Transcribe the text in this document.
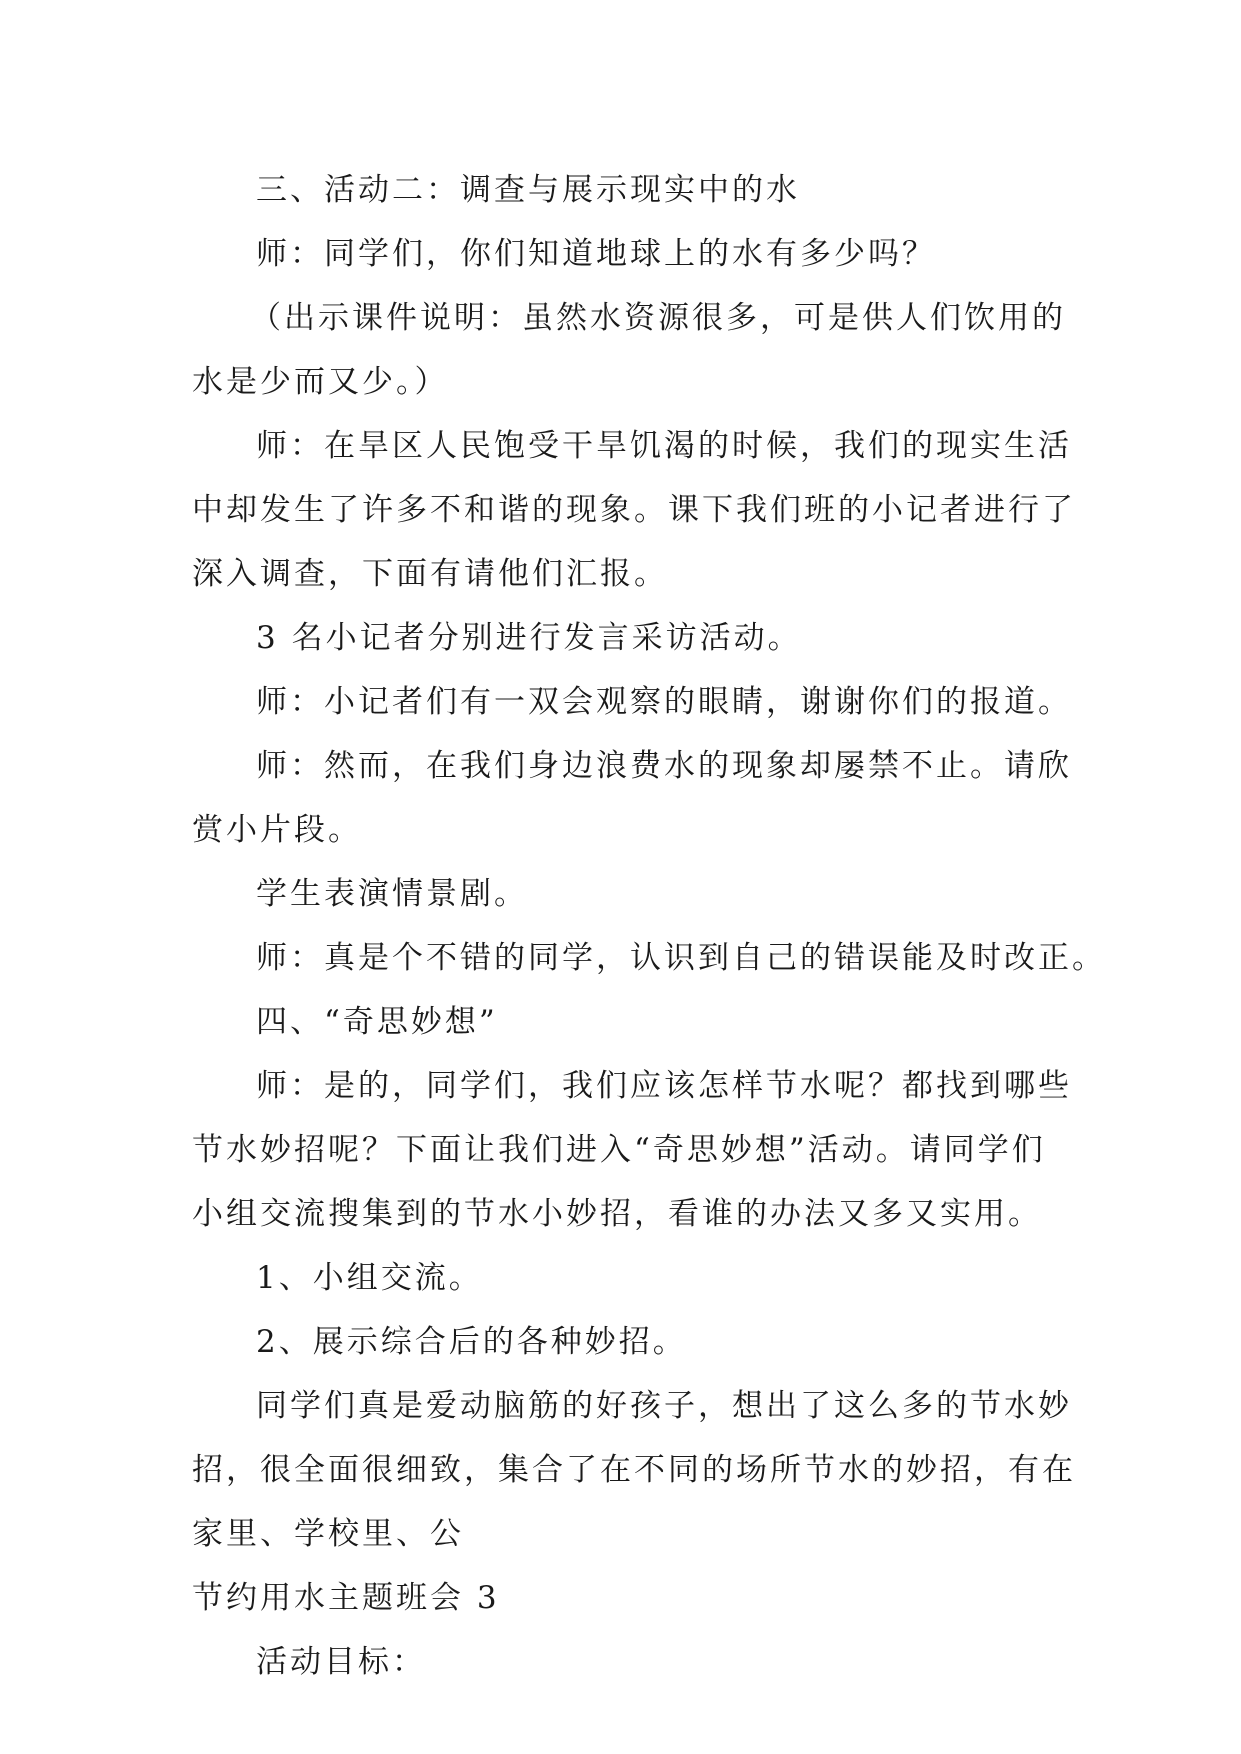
三、活动二：调查与展示现实中的水
师：同学们，你们知道地球上的水有多少吗？
（出示课件说明：虽然水资源很多，可是供人们饮用的
水是少而又少。）
师：在旱区人民饱受干旱饥渴的时候，我们的现实生活
中却发生了许多不和谐的现象。课下我们班的小记者进行了
深入调查，下面有请他们汇报。
3 名小记者分别进行发言采访活动。
师：小记者们有一双会观察的眼睛，谢谢你们的报道。
师：然而，在我们身边浪费水的现象却屡禁不止。请欣
赏小片段。
学生表演情景剧。
师：真是个不错的同学，认识到自己的错误能及时改正。
四、“奇思妙想”
师：是的，同学们，我们应该怎样节水呢？都找到哪些
节水妙招呢？下面让我们进入“奇思妙想”活动。请同学们
小组交流搜集到的节水小妙招，看谁的办法又多又实用。
1、小组交流。
2、展示综合后的各种妙招。
同学们真是爱动脑筋的好孩子，想出了这么多的节水妙
招，很全面很细致，集合了在不同的场所节水的妙招，有在
家里、学校里、公
节约用水主题班会 3
活动目标：
